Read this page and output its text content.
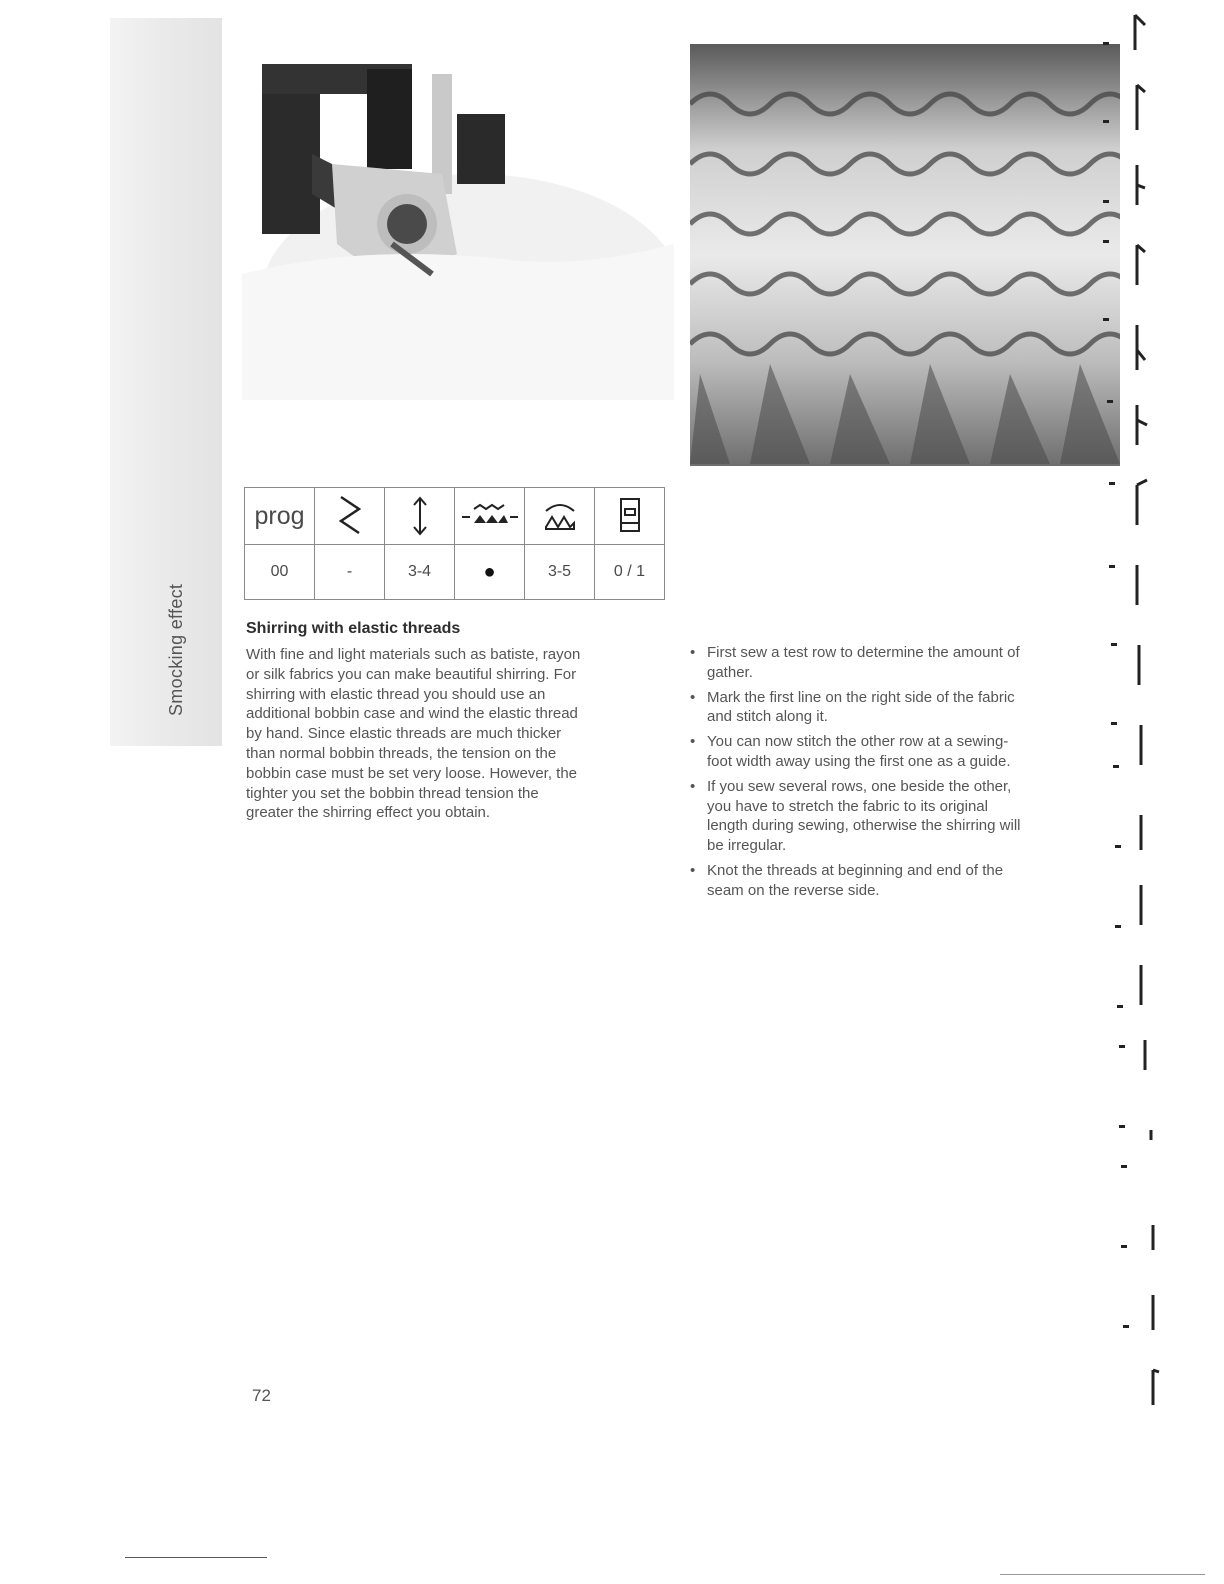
Smocking effect
prog	

00	-	3-4	●	3-5	0 / 1
Shirring with elastic threads

With fine and light materials such as batiste, rayon
or silk fabrics you can make beautiful shirring. For
shirring with elastic thread you should use an
additional bobbin case and wind the elastic thread
by hand. Since elastic threads are much thicker
than normal bobbin threads, the tension on the
bobbin case must be set very loose. However, the
tighter you set the bobbin thread tension the
greater the shirring effect you obtain.

• First sew a test row to determine the amount of
gather.
• Mark the first line on the right side of the fabric
and stitch along it.
• You can now stitch the other row at a sewing-
foot width away using the first one as a guide.
• If you sew several rows, one beside the other,
you have to stretch the fabric to its original
length during sewing, otherwise the shirring will
be irregular.
• Knot the threads at beginning and end of the
seam on the reverse side.
72
